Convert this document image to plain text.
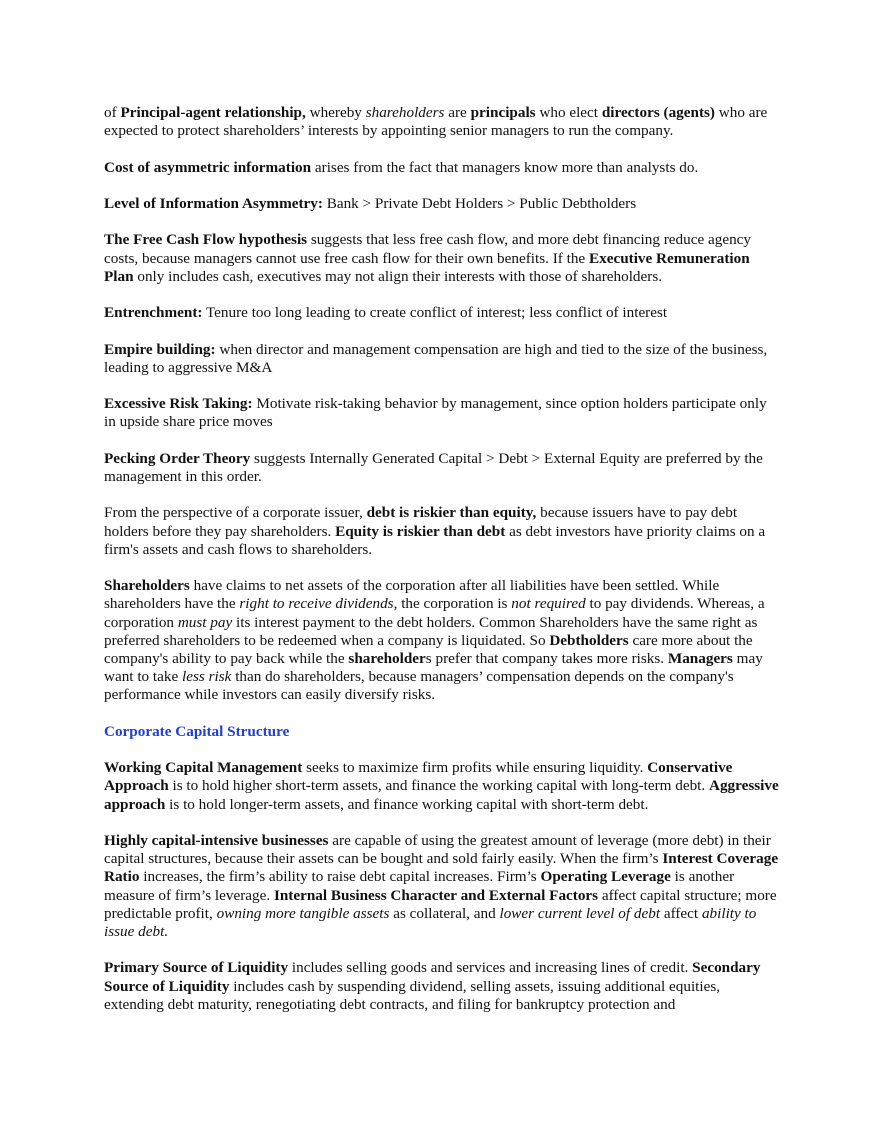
of Principal-agent relationship, whereby shareholders are principals who elect directors (agents) who are expected to protect shareholders’ interests by appointing senior managers to run the company.

Cost of asymmetric information arises from the fact that managers know more than analysts do.

Level of Information Asymmetry: Bank > Private Debt Holders > Public Debtholders

The Free Cash Flow hypothesis suggests that less free cash flow, and more debt financing reduce agency costs, because managers cannot use free cash flow for their own benefits. If the Executive Remuneration Plan only includes cash, executives may not align their interests with those of shareholders.

Entrenchment: Tenure too long leading to create conflict of interest; less conflict of interest

Empire building: when director and management compensation are high and tied to the size of the business, leading to aggressive M&A

Excessive Risk Taking: Motivate risk-taking behavior by management, since option holders participate only in upside share price moves

Pecking Order Theory suggests Internally Generated Capital > Debt > External Equity are preferred by the management in this order.

From the perspective of a corporate issuer, debt is riskier than equity, because issuers have to pay debt holders before they pay shareholders. Equity is riskier than debt as debt investors have priority claims on a firm's assets and cash flows to shareholders.

Shareholders have claims to net assets of the corporation after all liabilities have been settled. While shareholders have the right to receive dividends, the corporation is not required to pay dividends. Whereas, a corporation must pay its interest payment to the debt holders. Common Shareholders have the same right as preferred shareholders to be redeemed when a company is liquidated. So Debtholders care more about the company's ability to pay back while the shareholders prefer that company takes more risks. Managers may want to take less risk than do shareholders, because managers’ compensation depends on the company's performance while investors can easily diversify risks.

Corporate Capital Structure

Working Capital Management seeks to maximize firm profits while ensuring liquidity. Conservative Approach is to hold higher short-term assets, and finance the working capital with long-term debt. Aggressive approach is to hold longer-term assets, and finance working capital with short-term debt.

Highly capital-intensive businesses are capable of using the greatest amount of leverage (more debt) in their capital structures, because their assets can be bought and sold fairly easily. When the firm’s Interest Coverage Ratio increases, the firm’s ability to raise debt capital increases. Firm’s Operating Leverage is another measure of firm’s leverage. Internal Business Character and External Factors affect capital structure; more predictable profit, owning more tangible assets as collateral, and lower current level of debt affect ability to issue debt.

Primary Source of Liquidity includes selling goods and services and increasing lines of credit. Secondary Source of Liquidity includes cash by suspending dividend, selling assets, issuing additional equities, extending debt maturity, renegotiating debt contracts, and filing for bankruptcy protection and
